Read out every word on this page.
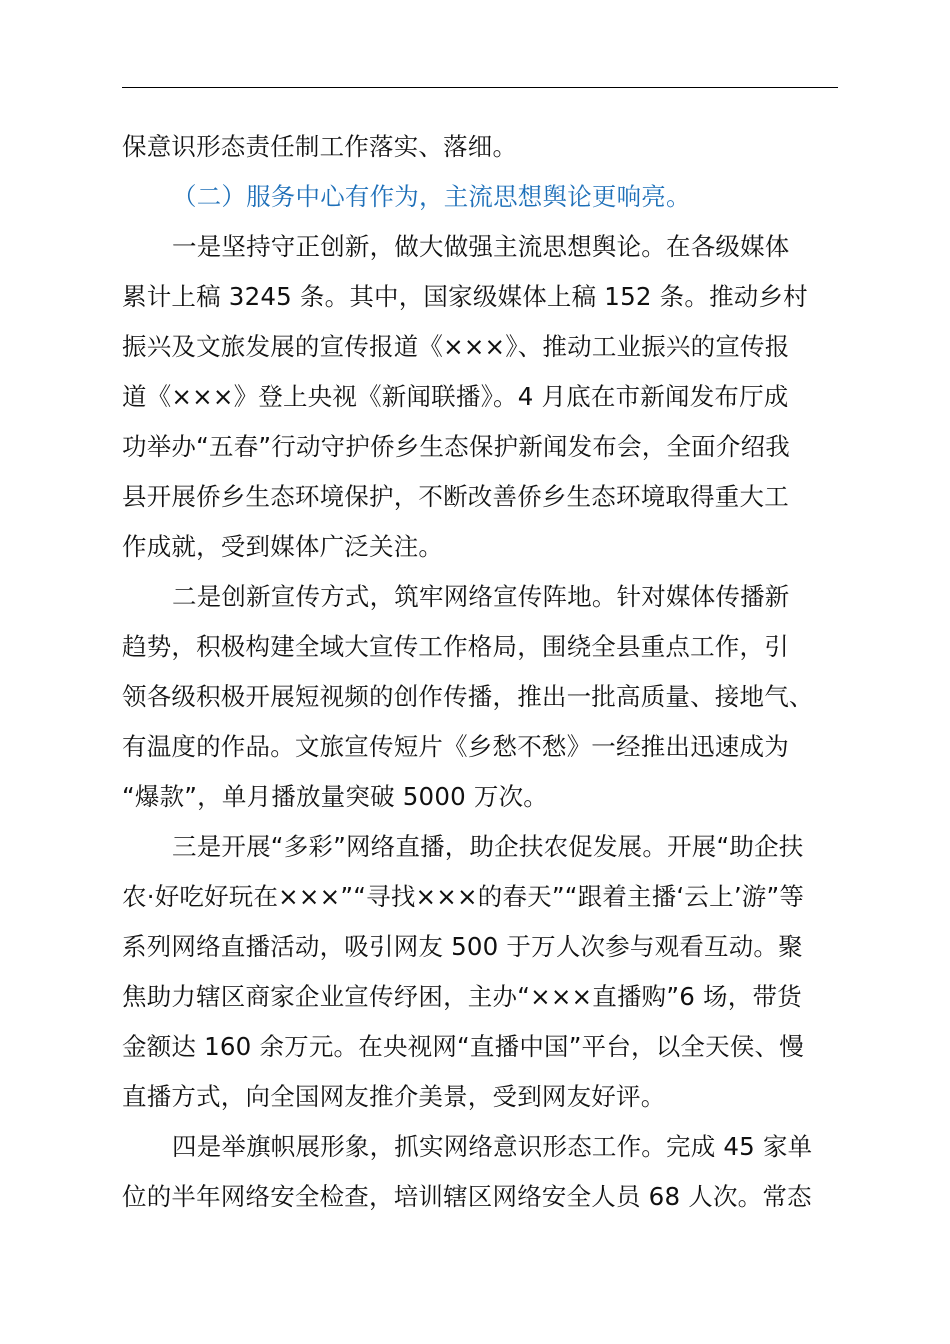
保意识形态责任制工作落实、落细。
（二）服务中心有作为，主流思想舆论更响亮。
一是坚持守正创新，做大做强主流思想舆论。在各级媒体
累计上稿 3245 条。其中，国家级媒体上稿 152 条。推动乡村
振兴及文旅发展的宣传报道《×××》、推动工业振兴的宣传报
道《×××》登上央视《新闻联播》。4 月底在市新闻发布厅成
功举办“五春”行动守护侨乡生态保护新闻发布会，全面介绍我
县开展侨乡生态环境保护，不断改善侨乡生态环境取得重大工
作成就，受到媒体广泛关注。
二是创新宣传方式，筑牢网络宣传阵地。针对媒体传播新
趋势，积极构建全域大宣传工作格局，围绕全县重点工作，引
领各级积极开展短视频的创作传播，推出一批高质量、接地气、
有温度的作品。文旅宣传短片《乡愁不愁》一经推出迅速成为
“爆款”，单月播放量突破 5000 万次。
三是开展“多彩”网络直播，助企扶农促发展。开展“助企扶
农·好吃好玩在×××”“寻找×××的春天”“跟着主播‘云上’游”等
系列网络直播活动，吸引网友 500 于万人次参与观看互动。聚
焦助力辖区商家企业宣传纾困，主办“×××直播购”6 场，带货
金额达 160 余万元。在央视网“直播中国”平台，以全天侯、慢
直播方式，向全国网友推介美景，受到网友好评。
四是举旗帜展形象，抓实网络意识形态工作。完成 45 家单
位的半年网络安全检查，培训辖区网络安全人员 68 人次。常态
